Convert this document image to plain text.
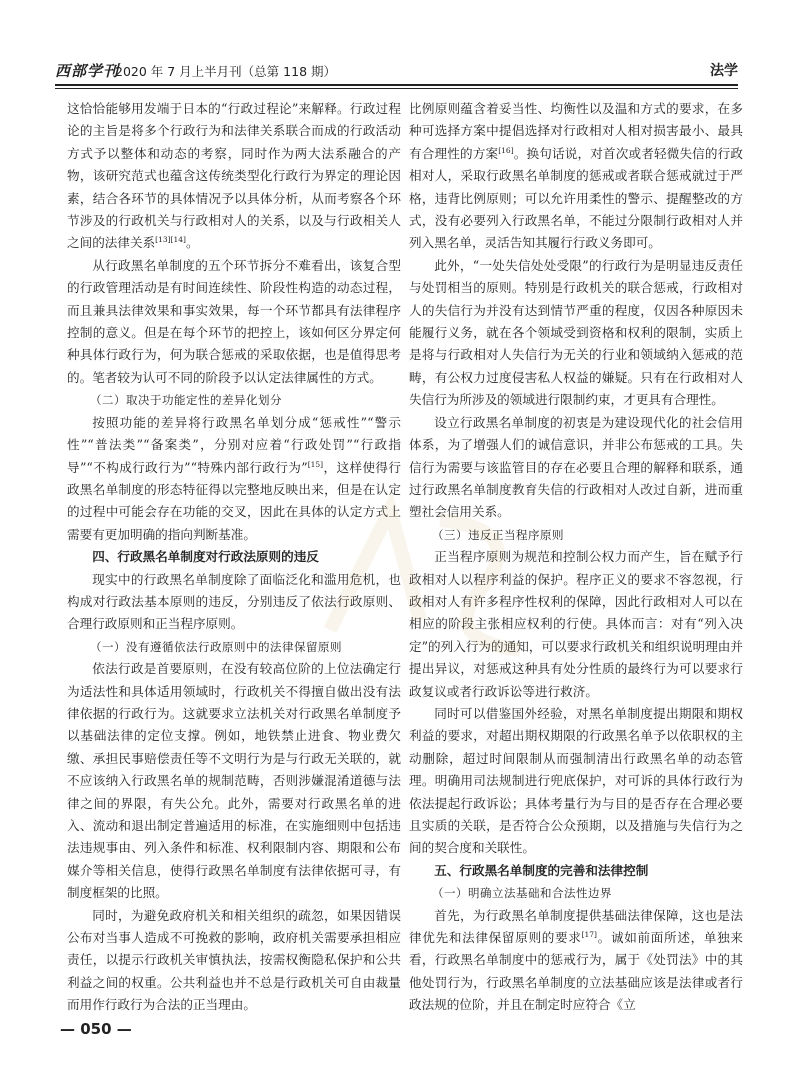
西部学刊
2020 年 7 月上半月刊（总第 118 期）	法学

这恰恰能够用发端于日本的“行政过程论”来解释。行政过程论的主旨是将多个行政行为和法律关系联合而成的行政活动方式予以整体和动态的考察，同时作为两大法系融合的产物，该研究范式也蕴含这传统类型化行政行为界定的理论因素，结合各环节的具体情况予以具体分析，从而考察各个环节涉及的行政机关与行政相对人的关系，以及与行政相关人之间的法律关系[13][14]。

从行政黑名单制度的五个环节拆分不难看出，该复合型的行政管理活动是有时间连续性、阶段性构造的动态过程，而且兼具法律效果和事实效果，每一个环节都具有法律程序控制的意义。但是在每个环节的把控上，该如何区分界定何种具体行政行为，何为联合惩戒的采取依据，也是值得思考的。笔者较为认可不同的阶段予以认定法律属性的方式。

（二）取决于功能定性的差异化划分

按照功能的差异将行政黑名单划分成“惩戒性”“警示性”“普法类”“备案类”，分别对应着“行政处罚”“行政指导”“不构成行政行为”“特殊内部行政行为”[15]，这样使得行政黑名单制度的形态特征得以完整地反映出来，但是在认定的过程中可能会存在功能的交叉，因此在具体的认定方式上需要有更加明确的指向判断基准。

四、行政黑名单制度对行政法原则的违反

现实中的行政黑名单制度除了面临泛化和滥用危机，也构成对行政法基本原则的违反，分别违反了依法行政原则、合理行政原则和正当程序原则。

（一）没有遵循依法行政原则中的法律保留原则

依法行政是首要原则，在没有较高位阶的上位法确定行为适法性和具体适用领域时，行政机关不得擅自做出没有法律依据的行政行为。这就要求立法机关对行政黑名单制度予以基础法律的定位支撑。例如，地铁禁止进食、物业费欠缴、承担民事赔偿责任等不文明行为是与行政无关联的，就不应该纳入行政黑名单的规制范畴，否则涉嫌混淆道德与法律之间的界限，有失公允。此外，需要对行政黑名单的进入、流动和退出制定普遍适用的标准，在实施细则中包括违法违规事由、列入条件和标准、权利限制内容、期限和公布媒介等相关信息，使得行政黑名单制度有法律依据可寻，有制度框架的比照。

同时，为避免政府机关和相关组织的疏忽，如果因错误公布对当事人造成不可挽救的影响，政府机关需要承担相应责任，以提示行政机关审慎执法，按需权衡隐私保护和公共利益之间的权重。公共利益也并不总是行政机关可自由裁量而用作行政行为合法的正当理由。

比例原则蕴含着妥当性、均衡性以及温和方式的要求，在多种可选择方案中提倡选择对行政相对人相对损害最小、最具有合理性的方案[16]。换句话说，对首次或者轻微失信的行政相对人，采取行政黑名单制度的惩戒或者联合惩戒就过于严格，违背比例原则；可以允许用柔性的警示、提醒整改的方式，没有必要列入行政黑名单，不能过分限制行政相对人并列入黑名单，灵活告知其履行行政义务即可。

此外，“一处失信处处受限”的行政行为是明显违反责任与处罚相当的原则。特别是行政机关的联合惩戒，行政相对人的失信行为并没有达到情节严重的程度，仅因各种原因未能履行义务，就在各个领域受到资格和权利的限制，实质上是将与行政相对人失信行为无关的行业和领域纳入惩戒的范畴，有公权力过度侵害私人权益的嫌疑。只有在行政相对人失信行为所涉及的领域进行限制约束，才更具有合理性。

设立行政黑名单制度的初衷是为建设现代化的社会信用体系，为了增强人们的诚信意识，并非公布惩戒的工具。失信行为需要与该监管目的存在必要且合理的解释和联系，通过行政黑名单制度教育失信的行政相对人改过自新，进而重塑社会信用关系。

（三）违反正当程序原则

正当程序原则为规范和控制公权力而产生，旨在赋予行政相对人以程序利益的保护。程序正义的要求不容忽视，行政相对人有许多程序性权利的保障，因此行政相对人可以在相应的阶段主张相应权利的行使。具体而言：对有“列入决定”的列入行为的通知，可以要求行政机关和组织说明理由并提出异议，对惩戒这种具有处分性质的最终行为可以要求行政复议或者行政诉讼等进行救济。

同时可以借鉴国外经验，对黑名单制度提出期限和期权利益的要求，对超出期权期限的行政黑名单予以依职权的主动删除，超过时间限制从而强制清出行政黑名单的动态管理。明确用司法规制进行兜底保护，对可诉的具体行政行为依法提起行政诉讼；具体考量行为与目的是否存在合理必要且实质的关联，是否符合公众预期，以及措施与失信行为之间的契合度和关联性。

五、行政黑名单制度的完善和法律控制
（一）明确立法基础和合法性边界

首先，为行政黑名单制度提供基础法律保障，这也是法律优先和法律保留原则的要求[17]。诚如前面所述，单独来看，行政黑名单制度中的惩戒行为，属于《处罚法》中的其他处罚行为，行政黑名单制度的立法基础应该是法律或者行政法规的位阶，并且在制定时应符合《立

— 050 —
